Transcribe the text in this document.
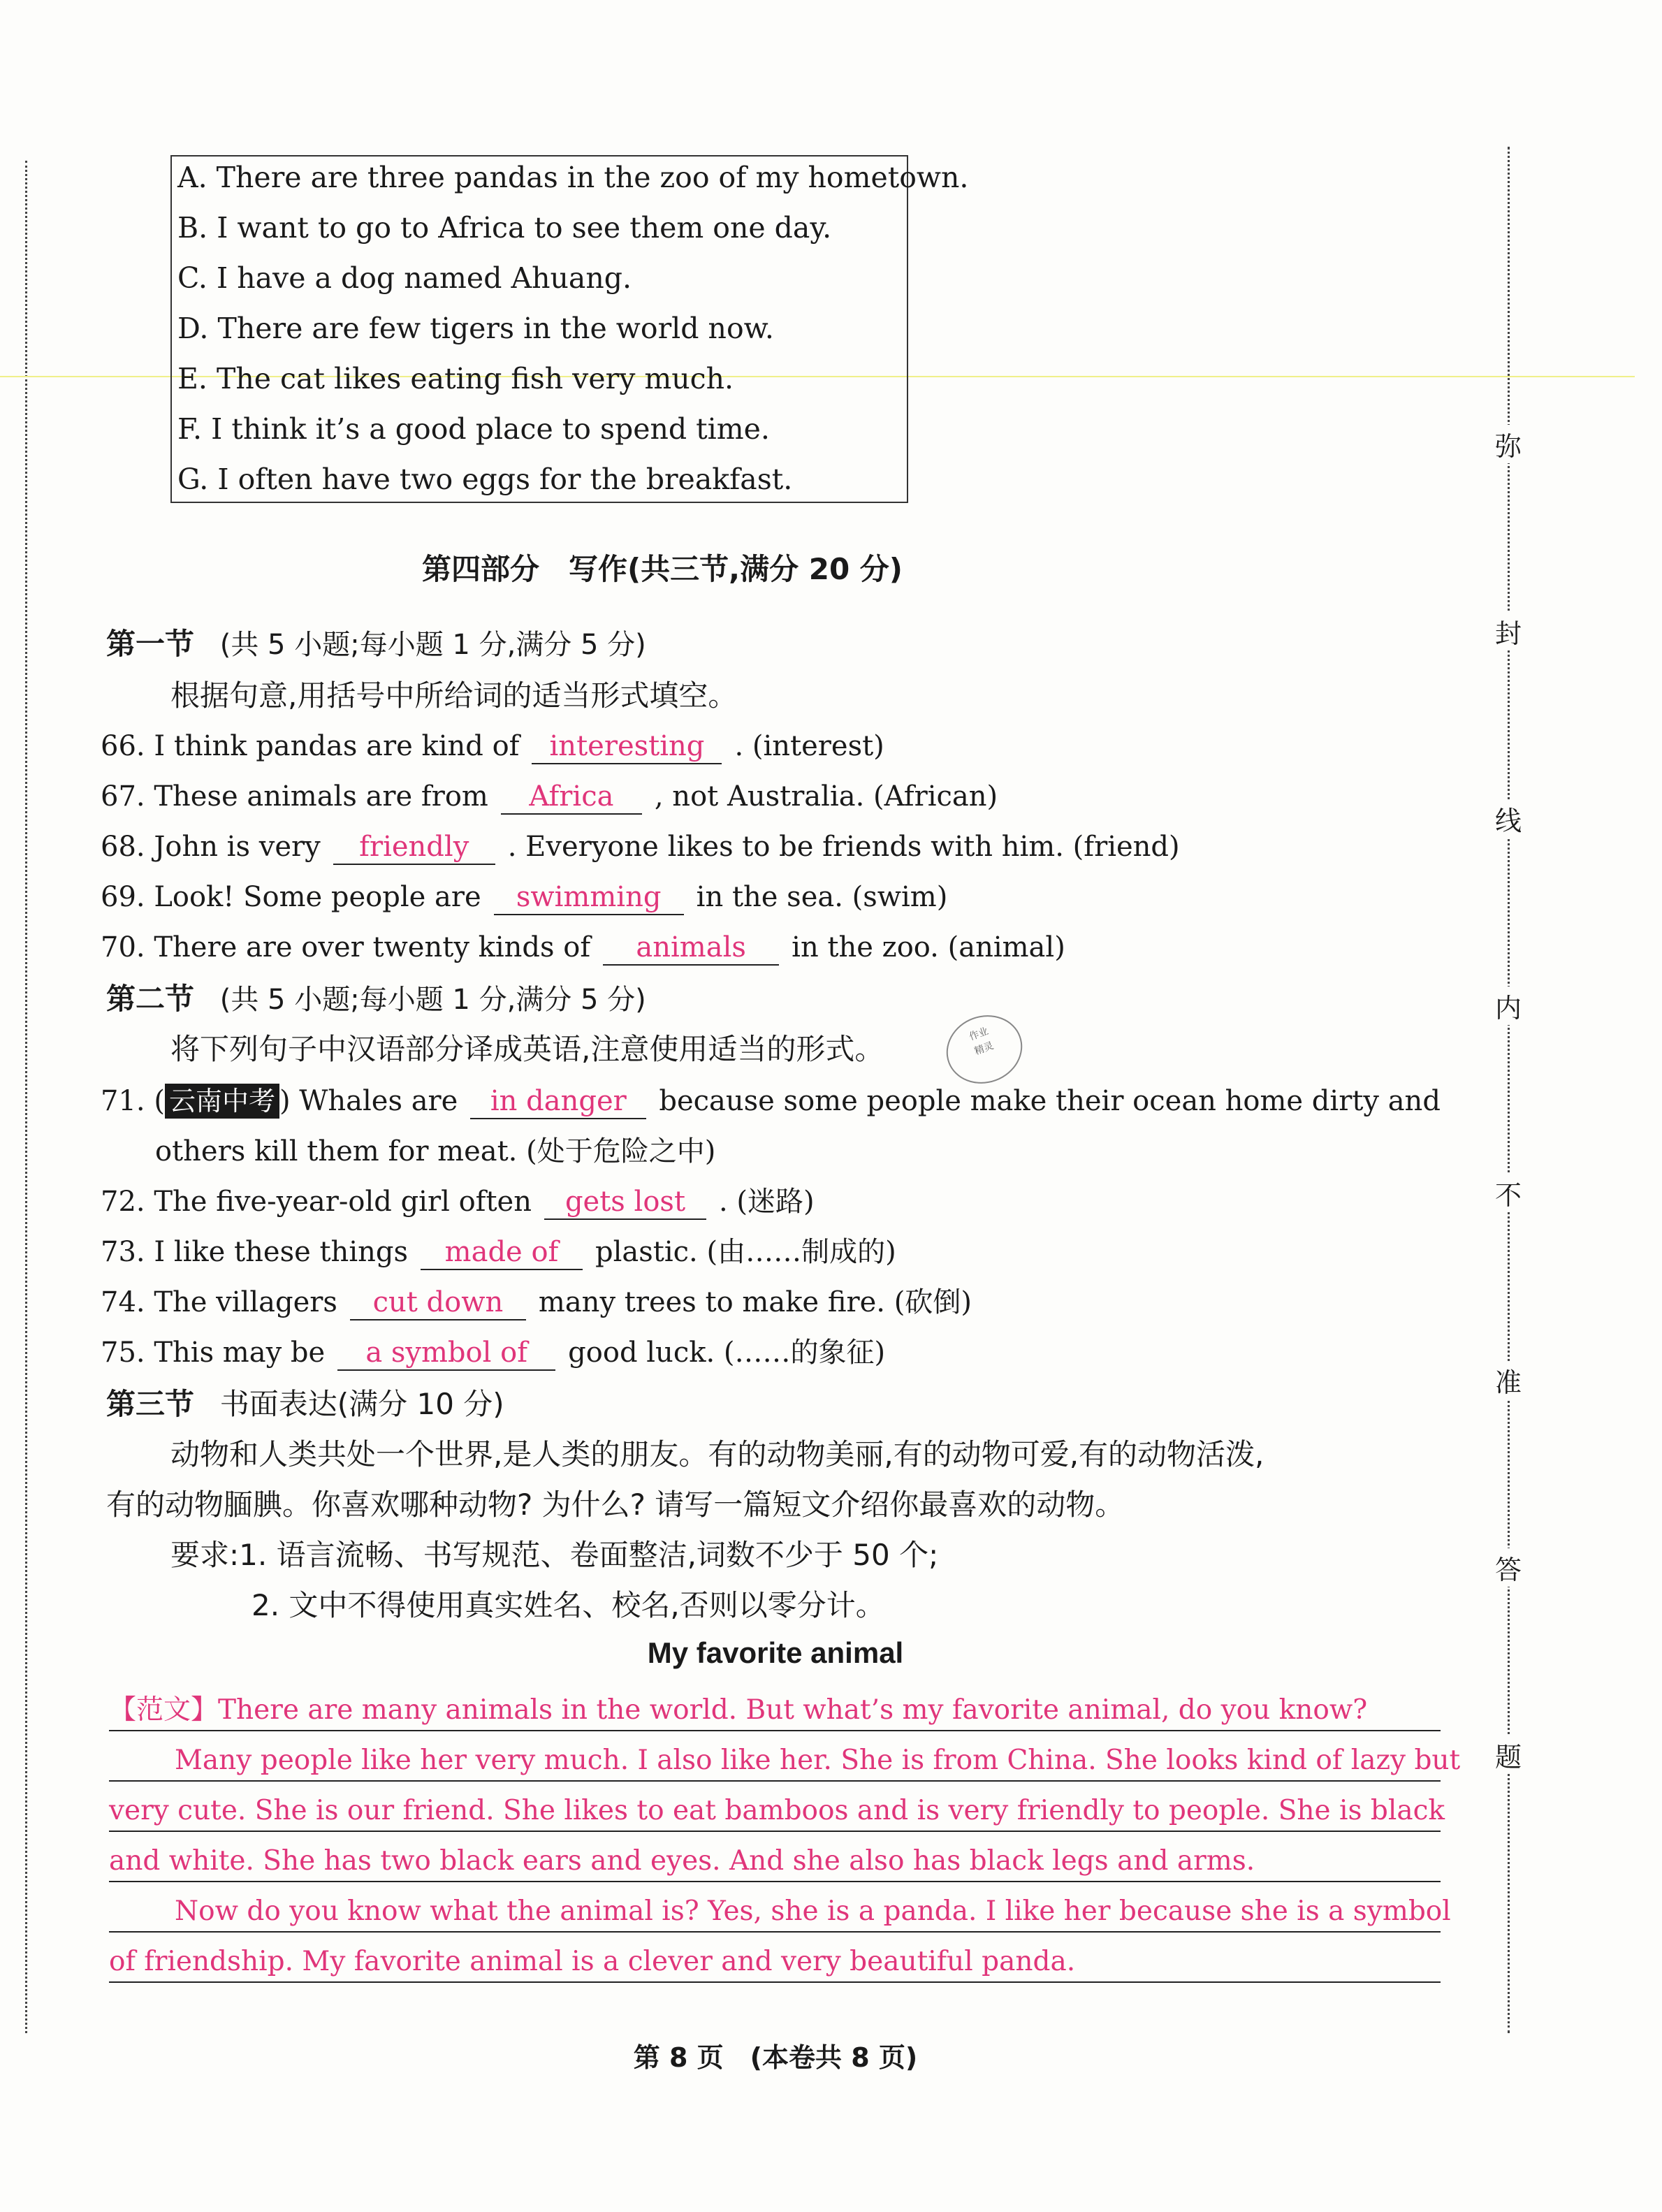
弥
封
线
内
不
准
答
题
A. There are three pandas in the zoo of my hometown.
B. I want to go to Africa to see them one day.
C. I have a dog named Ahuang.
D. There are few tigers in the world now.
E. The cat likes eating fish very much.
F. I think it’s a good place to spend time.
G. I often have two eggs for the breakfast.
第四部分　写作(共三节,满分 20 分)
第一节 (共 5 小题;每小题 1 分,满分 5 分)
根据句意,用括号中所给词的适当形式填空。
66. I think pandas are kind of interesting . (interest)
67. These animals are from Africa , not Australia. (African)
68. John is very friendly . Everyone likes to be friends with him. (friend)
69. Look! Some people are swimming in the sea. (swim)
70. There are over twenty kinds of animals in the zoo. (animal)
第二节 (共 5 小题;每小题 1 分,满分 5 分)
将下列句子中汉语部分译成英语,注意使用适当的形式。	作业
精灵
71. ( 云南中考 ) Whales are in danger because some people make their ocean home dirty and
others kill them for meat. (处于危险之中)
72. The five-year-old girl often gets lost . (迷路)
73. I like these things made of plastic. (由……制成的)
74. The villagers cut down many trees to make fire. (砍倒)
75. This may be a symbol of good luck. (……的象征)
第三节 书面表达(满分 10 分)
动物和人类共处一个世界,是人类的朋友。有的动物美丽,有的动物可爱,有的动物活泼,
有的动物腼腆。你喜欢哪种动物? 为什么? 请写一篇短文介绍你最喜欢的动物。
要求:1. 语言流畅、书写规范、卷面整洁,词数不少于 50 个;
2. 文中不得使用真实姓名、校名,否则以零分计。
My favorite animal
【范文】There are many animals in the world. But what’s my favorite animal, do you know?
Many people like her very much. I also like her. She is from China. She looks kind of lazy but
very cute. She is our friend. She likes to eat bamboos and is very friendly to people. She is black
and white. She has two black ears and eyes. And she also has black legs and arms.
Now do you know what the animal is? Yes, she is a panda. I like her because she is a symbol
of friendship. My favorite animal is a clever and very beautiful panda.
第 8 页　(本卷共 8 页)
